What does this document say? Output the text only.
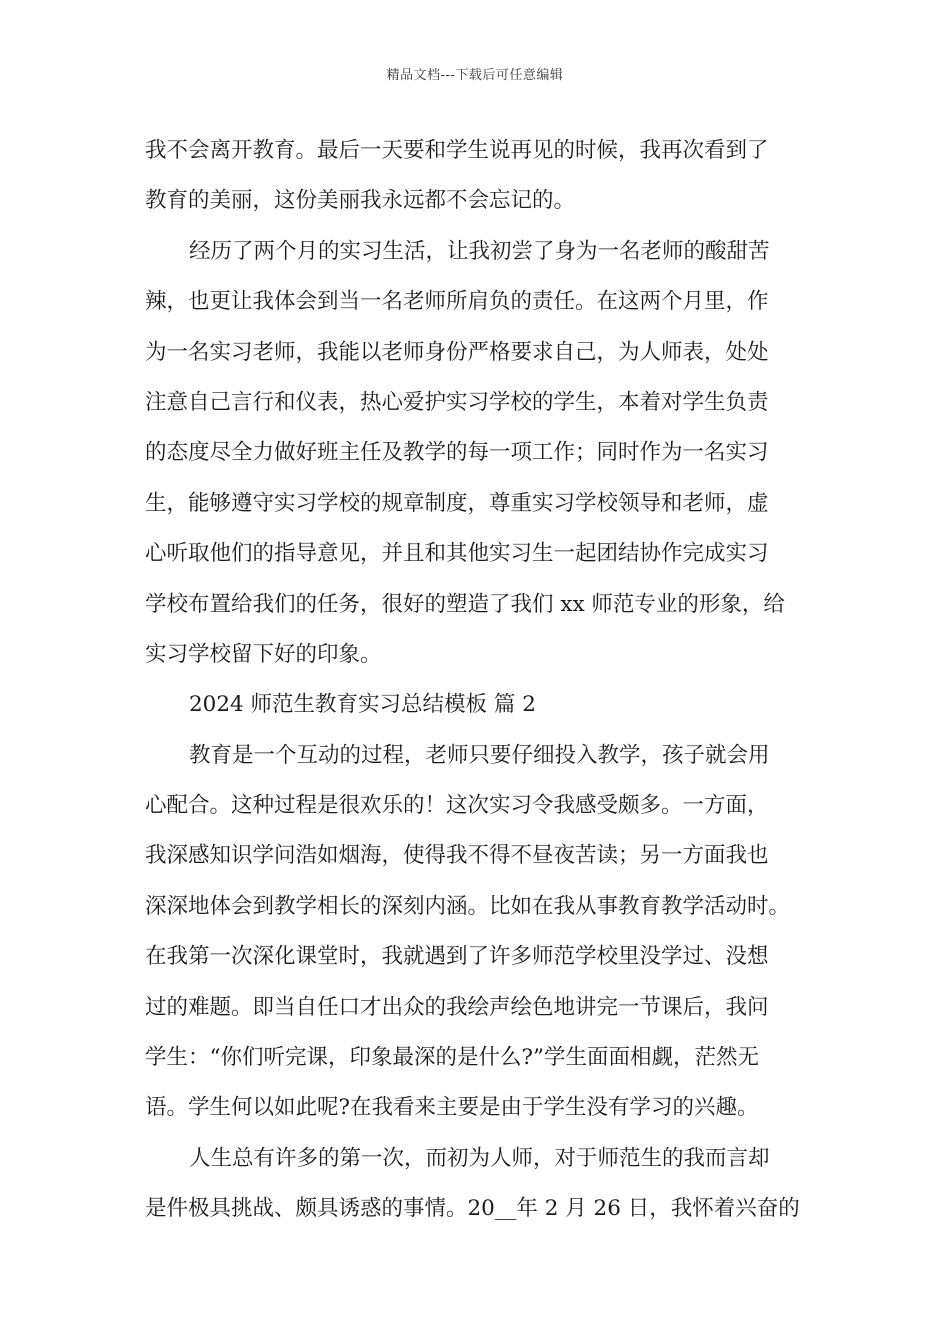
精品文档---下载后可任意编辑
我不会离开教育。最后一天要和学生说再见的时候，我再次看到了
教育的美丽，这份美丽我永远都不会忘记的。
经历了两个月的实习生活，让我初尝了身为一名老师的酸甜苦
辣，也更让我体会到当一名老师所肩负的责任。在这两个月里，作
为一名实习老师，我能以老师身份严格要求自己，为人师表，处处
注意自己言行和仪表，热心爱护实习学校的学生，本着对学生负责
的态度尽全力做好班主任及教学的每一项工作；同时作为一名实习
生，能够遵守实习学校的规章制度，尊重实习学校领导和老师，虚
心听取他们的指导意见，并且和其他实习生一起团结协作完成实习
学校布置给我们的任务，很好的塑造了我们 xx 师范专业的形象，给
实习学校留下好的印象。
2024 师范生教育实习总结模板 篇 2
教育是一个互动的过程，老师只要仔细投入教学，孩子就会用
心配合。这种过程是很欢乐的！这次实习令我感受颇多。一方面，
我深感知识学问浩如烟海，使得我不得不昼夜苦读；另一方面我也
深深地体会到教学相长的深刻内涵。比如在我从事教育教学活动时。
在我第一次深化课堂时，我就遇到了许多师范学校里没学过、没想
过的难题。即当自任口才出众的我绘声绘色地讲完一节课后，我问
学生：“你们听完课，印象最深的是什么?”学生面面相觑，茫然无
语。学生何以如此呢?在我看来主要是由于学生没有学习的兴趣。
人生总有许多的第一次，而初为人师，对于师范生的我而言却
是件极具挑战、颇具诱惑的事情。20__年 2 月 26 日，我怀着兴奋的
